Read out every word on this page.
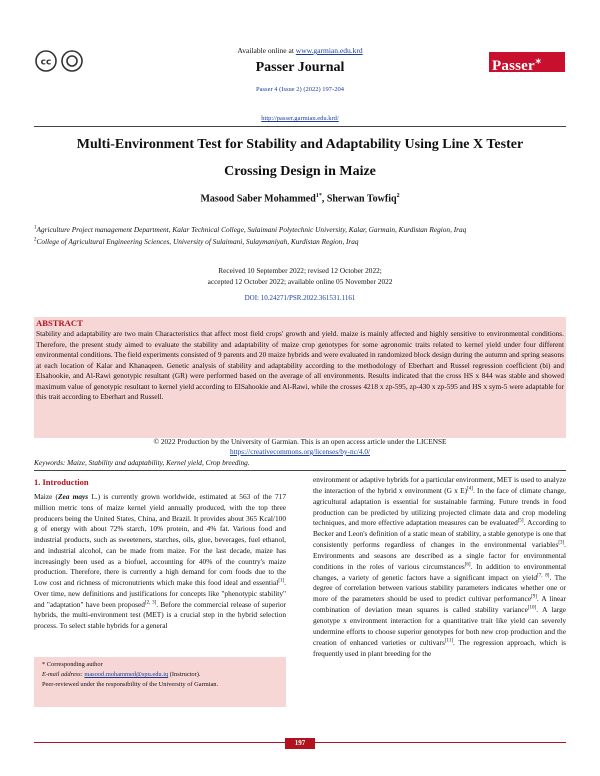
cc
Available online at www.garmian.edu.krd
Passer Journal	Passer✶
Passer 4 (Issue 2) (2022) 197-204
http://passer.garmian.edu.krd/
Multi-Environment Test for Stability and Adaptability Using Line X Tester
Crossing Design in Maize
Masood Saber Mohammed$^{1*}$, Sherwan Towfiq$^2$
$^1$Agriculture Project management Department, Kalar Technical College, Sulaimani Polytechnic University, Kalar, Garmain, Kurdistan Region, Iraq
$^2$College of Agricultural Engineering Sciences, University of Sulaimani, Sulaymaniyah, Kurdistan Region, Iraq
Received 10 September 2022; revised 12 October 2022;
accepted 12 October 2022; available online 05 November 2022
DOI: 10.24271/PSR.2022.361531.1161
ABSTRACT
Stability and adaptability are two main Characteristics that affect most field crops' growth and yield. maize is mainly affected and highly sensitive to environmental conditions. Therefore, the present study aimed to evaluate the stability and adaptability of maize crop genotypes for some agronomic traits related to kernel yield under four different environmental conditions. The field experiments consisted of 9 parents and 20 maize hybrids and were evaluated in randomized block design during the autumn and spring seasons at each location of Kalar and Khanaqeen. Genetic analysis of stability and adaptability according to the methodology of Eberhart and Russel regression coefficient (bi) and Elsahookie, and Al-Rawi genotypic resultant (GR) were performed based on the average of all environments. Results indicated that the cross HS x 844 was stable and showed maximum value of genotypic resultant to kernel yield according to ElSahookie and Al-Rawi, while the crosses 4218 x zp-595, zp-430 x zp-595 and HS x sym-5 were adaptable for this trait according to Eberhart and Russell.
© 2022 Production by the University of Garmian. This is an open access article under the LICENSE
https://creativecommons.org/licenses/by-nc/4.0/
Keywords: Maize, Stability and adaptability, Kernel yield, Crop breeding.
1. Introduction
Maize (Zea mays L.) is currently grown worldwide, estimated at 563 of the 717 million metric tons of maize kernel yield annually produced, with the top three producers being the United States, China, and Brazil. It provides about 365 Kcal/100 g of energy with about 72% starch, 10% protein, and 4% fat. Various food and industrial products, such as sweeteners, starches, oils, glue, beverages, fuel ethanol, and industrial alcohol, can be made from maize. For the last decade, maize has increasingly been used as a biofuel, accounting for 40% of the country's maize production. Therefore, there is currently a high demand for corn foods due to the Low cost and richness of micronutrients which make this food ideal and essential[1]. Over time, new definitions and justifications for concepts like "phenotypic stability" and "adaptation" have been proposed[2, 3]. Before the commercial release of superior hybrids, the multi-environment test (MET) is a crucial step in the hybrid selection process. To select stable hybrids for a general
environment or adaptive hybrids for a particular environment, MET is used to analyze the interaction of the hybrid x environment (G x E)[4]. In the face of climate change, agricultural adaptation is essential for sustainable farming. Future trends in food production can be predicted by utilizing projected climate data and crop modeling techniques, and more effective adaptation measures can be evaluated[5]. According to Becker and Leon's definition of a static mean of stability, a stable genotype is one that consistently performs regardless of changes in the environmental variables[3]. Environments and seasons are described as a single factor for environmental conditions in the roles of various circumstances[6]. In addition to environmental changes, a variety of genetic factors have a significant impact on yield[7, 8]. The degree of correlation between various stability parameters indicates whether one or more of the parameters should be used to predict cultivar performance[9]. A linear combination of deviation mean squares is called stability variance[10]. A large genotype x environment interaction for a quantitative trait like yield can severely undermine efforts to choose superior genotypes for both new crop production and the creation of enhanced varieties or cultivars[11]. The regression approach, which is frequently used in plant breeding for the
* Corresponding author
E-mail address: masood.mohammed@spu.edu.iq (Instructor).
Peer-reviewed under the responsibility of the University of Garmian.
197
